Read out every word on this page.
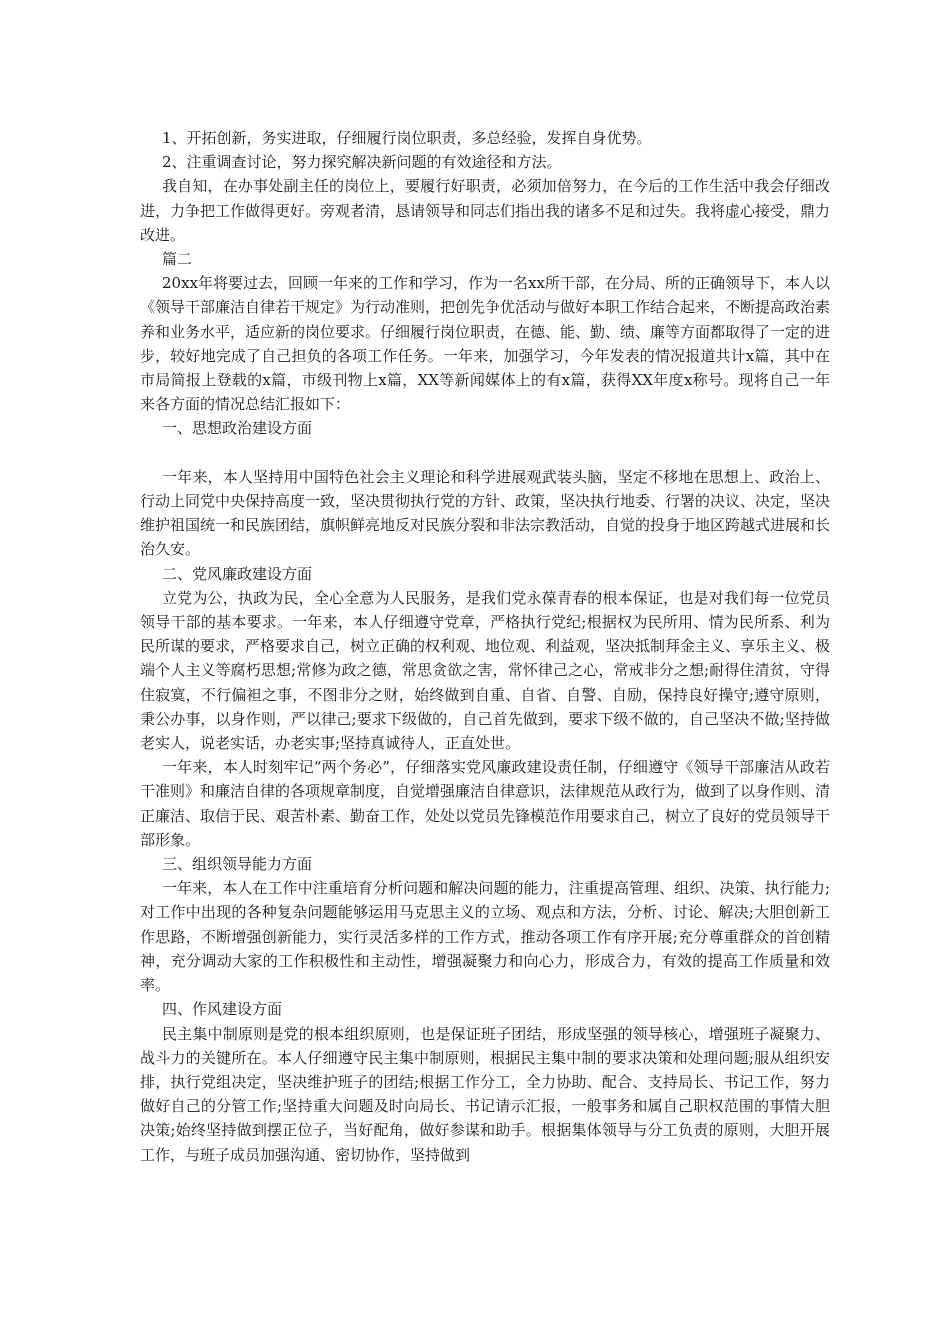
1、开拓创新，务实进取，仔细履行岗位职责，多总经验，发挥自身优势。

2、注重调查讨论，努力探究解决新问题的有效途径和方法。

我自知，在办事处副主任的岗位上，要履行好职责，必须加倍努力，在今后的工作生活中我会仔细改进，力争把工作做得更好。旁观者清，恳请领导和同志们指出我的诸多不足和过失。我将虚心接受，鼎力改进。

篇二

20xx年将要过去，回顾一年来的工作和学习，作为一名xx所干部，在分局、所的正确领导下，本人以《领导干部廉洁自律若干规定》为行动准则，把创先争优活动与做好本职工作结合起来，不断提高政治素养和业务水平，适应新的岗位要求。仔细履行岗位职责，在德、能、勤、绩、廉等方面都取得了一定的进步，较好地完成了自己担负的各项工作任务。一年来，加强学习，今年发表的情况报道共计x篇，其中在市局简报上登载的x篇，市级刊物上x篇，XX等新闻媒体上的有x篇，获得XX年度x称号。现将自己一年来各方面的情况总结汇报如下：

一、思想政治建设方面

一年来，本人坚持用中国特色社会主义理论和科学进展观武装头脑，坚定不移地在思想上、政治上、行动上同党中央保持高度一致，坚决贯彻执行党的方针、政策，坚决执行地委、行署的决议、决定，坚决维护祖国统一和民族团结，旗帜鲜亮地反对民族分裂和非法宗教活动，自觉的投身于地区跨越式进展和长治久安。

二、党风廉政建设方面

立党为公，执政为民，全心全意为人民服务，是我们党永葆青春的根本保证，也是对我们每一位党员领导干部的基本要求。一年来，本人仔细遵守党章，严格执行党纪;根据权为民所用、情为民所系、利为民所谋的要求，严格要求自己，树立正确的权利观、地位观、利益观，坚决抵制拜金主义、享乐主义、极端个人主义等腐朽思想;常修为政之德，常思贪欲之害，常怀律己之心，常戒非分之想;耐得住清贫，守得住寂寞，不行偏袒之事，不图非分之财，始终做到自重、自省、自警、自励，保持良好操守;遵守原则，秉公办事，以身作则，严以律己;要求下级做的，自己首先做到，要求下级不做的，自己坚决不做;坚持做老实人，说老实话，办老实事;坚持真诚待人，正直处世。

一年来，本人时刻牢记“两个务必”，仔细落实党风廉政建设责任制，仔细遵守《领导干部廉洁从政若干准则》和廉洁自律的各项规章制度，自觉增强廉洁自律意识，法律规范从政行为，做到了以身作则、清正廉洁、取信于民、艰苦朴素、勤奋工作，处处以党员先锋模范作用要求自己，树立了良好的党员领导干部形象。

三、组织领导能力方面

一年来，本人在工作中注重培育分析问题和解决问题的能力，注重提高管理、组织、决策、执行能力;对工作中出现的各种复杂问题能够运用马克思主义的立场、观点和方法，分析、讨论、解决;大胆创新工作思路，不断增强创新能力，实行灵活多样的工作方式，推动各项工作有序开展;充分尊重群众的首创精神，充分调动大家的工作积极性和主动性，增强凝聚力和向心力，形成合力，有效的提高工作质量和效率。

四、作风建设方面

民主集中制原则是党的根本组织原则，也是保证班子团结，形成坚强的领导核心，增强班子凝聚力、战斗力的关键所在。本人仔细遵守民主集中制原则，根据民主集中制的要求决策和处理问题;服从组织安排，执行党组决定，坚决维护班子的团结;根据工作分工，全力协助、配合、支持局长、书记工作，努力做好自己的分管工作;坚持重大问题及时向局长、书记请示汇报，一般事务和属自己职权范围的事情大胆决策;始终坚持做到摆正位子，当好配角，做好参谋和助手。根据集体领导与分工负责的原则，大胆开展工作，与班子成员加强沟通、密切协作，坚持做到
